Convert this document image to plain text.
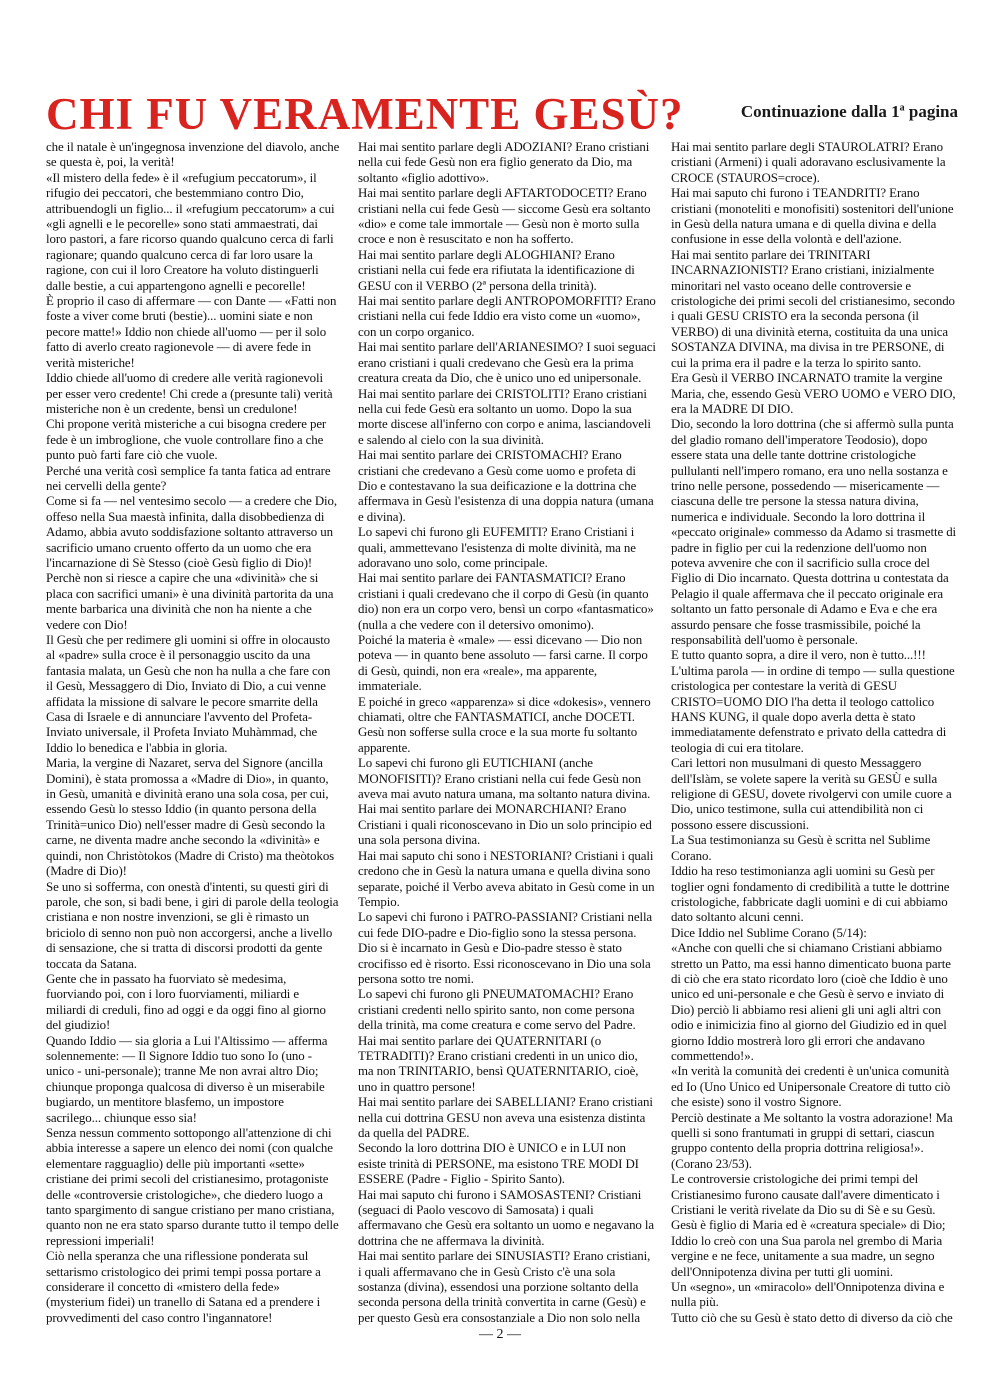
CHI FU VERAMENTE GESÙ?	Continuazione dalla 1$^a$ pagina

che il natale è un'ingegnosa invenzione del diavolo, anche se questa è, poi, la verità!

«Il mistero della fede» è il «refugium peccatorum», il rifugio dei peccatori, che bestemmiano contro Dio, attribuendogli un figlio... il «refugium peccatorum» a cui «gli agnelli e le pecorelle» sono stati ammaestrati, dai loro pastori, a fare ricorso quando qualcuno cerca di farli ragionare; quando qualcuno cerca di far loro usare la ragione, con cui il loro Creatore ha voluto distinguerli dalle bestie, a cui appartengono agnelli e pecorelle!

È proprio il caso di affermare — con Dante — «Fatti non foste a viver come bruti (bestie)... uomini siate e non pecore matte!» Iddio non chiede all'uomo — per il solo fatto di averlo creato ragionevole — di avere fede in verità misteriche!

Iddio chiede all'uomo di credere alle verità ragionevoli per esser vero credente! Chi crede a (presunte tali) verità misteriche non è un credente, bensì un credulone!

Chi propone verità misteriche a cui bisogna credere per fede è un imbroglione, che vuole controllare fino a che punto può farti fare ciò che vuole.

Perché una verità così semplice fa tanta fatica ad entrare nei cervelli della gente?

Come si fa — nel ventesimo secolo — a credere che Dio, offeso nella Sua maestà infinita, dalla disobbedienza di Adamo, abbia avuto soddisfazione soltanto attraverso un sacrificio umano cruento offerto da un uomo che era l'incarnazione di Sè Stesso (cioè Gesù figlio di Dio)!

Perchè non si riesce a capire che una «divinità» che si placa con sacrifici umani» è una divinità partorita da una mente barbarica una divinità che non ha niente a che vedere con Dio!

Il Gesù che per redimere gli uomini si offre in olocausto al «padre» sulla croce è il personaggio uscito da una fantasia malata, un Gesù che non ha nulla a che fare con il Gesù, Messaggero di Dio, Inviato di Dio, a cui venne affidata la missione di salvare le pecore smarrite della Casa di Israele e di annunciare l'avvento del Profeta-Inviato universale, il Profeta Inviato Muhàmmad, che Iddio lo benedica e l'abbia in gloria.

Maria, la vergine di Nazaret, serva del Signore (ancilla Domini), è stata promossa a «Madre di Dio», in quanto, in Gesù, umanità e divinità erano una sola cosa, per cui, essendo Gesù lo stesso Iddio (in quanto persona della Trinità=unico Dio) nell'esser madre di Gesù secondo la carne, ne diventa madre anche secondo la «divinità» e quindi, non Christòtokos (Madre di Cristo) ma theòtokos (Madre di Dio)!

Se uno si sofferma, con onestà d'intenti, su questi giri di parole, che son, si badi bene, i giri di parole della teologia cristiana e non nostre invenzioni, se gli è rimasto un briciolo di senno non può non accorgersi, anche a livello di sensazione, che si tratta di discorsi prodotti da gente toccata da Satana.

Gente che in passato ha fuorviato sè medesima, fuorviando poi, con i loro fuorviamenti, miliardi e miliardi di creduli, fino ad oggi e da oggi fino al giorno del giudizio!

Quando Iddio — sia gloria a Lui l'Altissimo — afferma solennemente: — Il Signore Iddio tuo sono Io (uno - unico - uni-personale); tranne Me non avrai altro Dio; chiunque proponga qualcosa di diverso è un miserabile bugiardo, un mentitore blasfemo, un impostore sacrilego... chiunque esso sia!

Senza nessun commento sottopongo all'attenzione di chi abbia interesse a sapere un elenco dei nomi (con qualche elementare ragguaglio) delle più importanti «sette» cristiane dei primi secoli del cristianesimo, protagoniste delle «controversie cristologiche», che diedero luogo a tanto spargimento di sangue cristiano per mano cristiana, quanto non ne era stato sparso durante tutto il tempo delle repressioni imperiali!

Ciò nella speranza che una riflessione ponderata sul settarismo cristologico dei primi tempi possa portare a considerare il concetto di «mistero della fede» (mysterium fidei) un tranello di Satana ed a prendere i provvedimenti del caso contro l'ingannatore!

Hai mai sentito parlare degli ADOZIANI? Erano cristiani nella cui fede Gesù non era figlio generato da Dio, ma soltanto «figlio adottivo».

Hai mai sentito parlare degli AFTARTODOCETI? Erano cristiani nella cui fede Gesù — siccome Gesù era soltanto «dio» e come tale immortale — Gesù non è morto sulla croce e non è resuscitato e non ha sofferto.

Hai mai sentito parlare degli ALOGHIANI? Erano cristiani nella cui fede era rifiutata la identificazione di GESU con il VERBO (2ª persona della trinità).

Hai mai sentito parlare degli ANTROPOMORFITI? Erano cristiani nella cui fede Iddio era visto come un «uomo», con un corpo organico.

Hai mai sentito parlare dell'ARIANESIMO? I suoi seguaci erano cristiani i quali credevano che Gesù era la prima creatura creata da Dio, che è unico uno ed unipersonale.

Hai mai sentito parlare dei CRISTOLITI? Erano cristiani nella cui fede Gesù era soltanto un uomo. Dopo la sua morte discese all'inferno con corpo e anima, lasciandoveli e salendo al cielo con la sua divinità.

Hai mai sentito parlare dei CRISTOMACHI? Erano cristiani che credevano a Gesù come uomo e profeta di Dio e contestavano la sua deificazione e la dottrina che affermava in Gesù l'esistenza di una doppia natura (umana e divina).

Lo sapevi chi furono gli EUFEMITI? Erano Cristiani i quali, ammettevano l'esistenza di molte divinità, ma ne adoravano uno solo, come principale.

Hai mai sentito parlare dei FANTASMATICI? Erano cristiani i quali credevano che il corpo di Gesù (in quanto dio) non era un corpo vero, bensì un corpo «fantasmatico» (nulla a che vedere con il detersivo omonimo).

Poiché la materia è «male» — essi dicevano — Dio non poteva — in quanto bene assoluto — farsi carne. Il corpo di Gesù, quindi, non era «reale», ma apparente, immateriale.

E poiché in greco «apparenza» si dice «dokesis», vennero chiamati, oltre che FANTASMATICI, anche DOCETI.

Gesù non sofferse sulla croce e la sua morte fu soltanto apparente.

Lo sapevi chi furono gli EUTICHIANI (anche MONOFISITI)? Erano cristiani nella cui fede Gesù non aveva mai avuto natura umana, ma soltanto natura divina.

Hai mai sentito parlare dei MONARCHIANI? Erano Cristiani i quali riconoscevano in Dio un solo principio ed una sola persona divina.

Hai mai saputo chi sono i NESTORIANI? Cristiani i quali credono che in Gesù la natura umana e quella divina sono separate, poiché il Verbo aveva abitato in Gesù come in un Tempio.

Lo sapevi chi furono i PATRO-PASSIANI? Cristiani nella cui fede DIO-padre e Dio-figlio sono la stessa persona. Dio si è incarnato in Gesù e Dio-padre stesso è stato crocifisso ed è risorto. Essi riconoscevano in Dio una sola persona sotto tre nomi.

Lo sapevi chi furono gli PNEUMATOMACHI? Erano cristiani credenti nello spirito santo, non come persona della trinità, ma come creatura e come servo del Padre.

Hai mai sentito parlare dei QUATERNITARI (o TETRADITI)? Erano cristiani credenti in un unico dio, ma non TRINITARIO, bensì QUATERNITARIO, cioè, uno in quattro persone!

Hai mai sentito parlare dei SABELLIANI? Erano cristiani nella cui dottrina GESU non aveva una esistenza distinta da quella del PADRE.

Secondo la loro dottrina DIO è UNICO e in LUI non esiste trinità di PERSONE, ma esistono TRE MODI DI ESSERE (Padre - Figlio - Spirito Santo).

Hai mai saputo chi furono i SAMOSASTENI? Cristiani (seguaci di Paolo vescovo di Samosata) i quali affermavano che Gesù era soltanto un uomo e negavano la dottrina che ne affermava la divinità.

Hai mai sentito parlare dei SINUSIASTI? Erano cristiani, i quali affermavano che in Gesù Cristo c'è una sola sostanza (divina), essendosi una porzione soltanto della seconda persona della trinità convertita in carne (Gesù) e per questo Gesù era consostanziale a Dio non solo nella

Hai mai sentito parlare degli STAUROLATRI? Erano cristiani (Armeni) i quali adoravano esclusivamente la CROCE (STAUROS=croce).

Hai mai saputo chi furono i TEANDRITI? Erano cristiani (monoteliti e monofisiti) sostenitori dell'unione in Gesù della natura umana e di quella divina e della confusione in esse della volontà e dell'azione.

Hai mai sentito parlare dei TRINITARI INCARNAZIONISTI? Erano cristiani, inizialmente minoritari nel vasto oceano delle controversie e cristologiche dei primi secoli del cristianesimo, secondo i quali GESU CRISTO era la seconda persona (il VERBO) di una divinità eterna, costituita da una unica SOSTANZA DIVINA, ma divisa in tre PERSONE, di cui la prima era il padre e la terza lo spirito santo.

Era Gesù il VERBO INCARNATO tramite la vergine Maria, che, essendo Gesù VERO UOMO e VERO DIO, era la MADRE DI DIO.

Dio, secondo la loro dottrina (che si affermò sulla punta del gladio romano dell'imperatore Teodosio), dopo essere stata una delle tante dottrine cristologiche pullulanti nell'impero romano, era uno nella sostanza e trino nelle persone, possedendo — misericamente — ciascuna delle tre persone la stessa natura divina, numerica e individuale. Secondo la loro dottrina il «peccato originale» commesso da Adamo si trasmette di padre in figlio per cui la redenzione dell'uomo non poteva avvenire che con il sacrificio sulla croce del Figlio di Dio incarnato. Questa dottrina u contestata da Pelagio il quale affermava che il peccato originale era soltanto un fatto personale di Adamo e Eva e che era assurdo pensare che fosse trasmissibile, poiché la responsabilità dell'uomo è personale.

E tutto quanto sopra, a dire il vero, non è tutto...!!!

L'ultima parola — in ordine di tempo — sulla questione cristologica per contestare la verità di GESU CRISTO=UOMO DIO l'ha detta il teologo cattolico HANS KUNG, il quale dopo averla detta è stato immediatamente defenstrato e privato della cattedra di teologia di cui era titolare.

Cari lettori non musulmani di questo Messaggero dell'Islàm, se volete sapere la verità su GESÙ e sulla religione di GESU, dovete rivolgervi con umile cuore a Dio, unico testimone, sulla cui attendibilità non ci possono essere discussioni.

La Sua testimonianza su Gesù è scritta nel Sublime Corano.

Iddio ha reso testimonianza agli uomini su Gesù per toglier ogni fondamento di credibilità a tutte le dottrine cristologiche, fabbricate dagli uomini e di cui abbiamo dato soltanto alcuni cenni.

Dice Iddio nel Sublime Corano (5/14):

«Anche con quelli che si chiamano Cristiani abbiamo stretto un Patto, ma essi hanno dimenticato buona parte di ciò che era stato ricordato loro (cioè che Iddio è uno unico ed uni-personale e che Gesù è servo e inviato di Dio) perciò li abbiamo resi alieni gli uni agli altri con odio e inimicizia fino al giorno del Giudizio ed in quel giorno Iddio mostrerà loro gli errori che andavano commettendo!».

«In verità la comunità dei credenti è un'unica comunità ed Io (Uno Unico ed Unipersonale Creatore di tutto ciò che esiste) sono il vostro Signore.

Perciò destinate a Me soltanto la vostra adorazione! Ma quelli si sono frantumati in gruppi di settari, ciascun gruppo contento della propria dottrina religiosa!». (Corano 23/53).

Le controversie cristologiche dei primi tempi del Cristianesimo furono causate dall'avere dimenticato i Cristiani le verità rivelate da Dio su di Sè e su Gesù.

Gesù è figlio di Maria ed è «creatura speciale» di Dio; Iddio lo creò con una Sua parola nel grembo di Maria vergine e ne fece, unitamente a sua madre, un segno dell'Onnipotenza divina per tutti gli uomini.

Un «segno», un «miracolo» dell'Onnipotenza divina e nulla più.

Tutto ciò che su Gesù è stato detto di diverso da ciò che

— 2 —
